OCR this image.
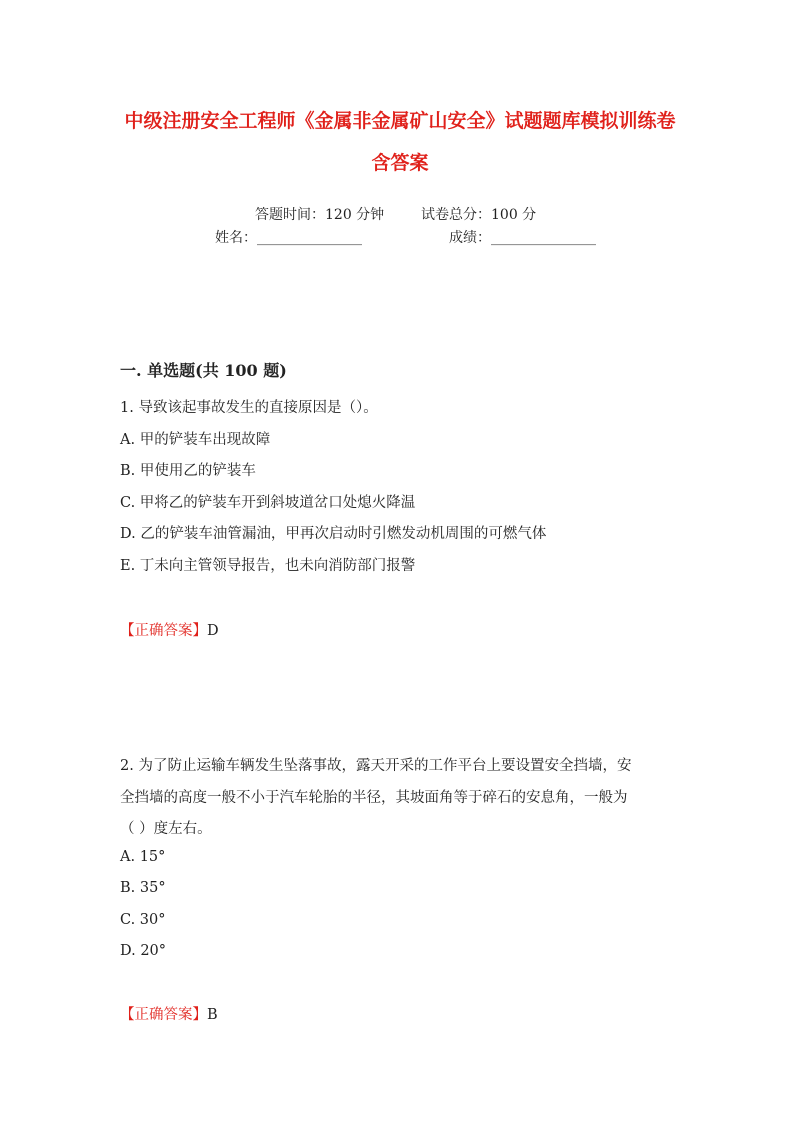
中级注册安全工程师《金属非金属矿山安全》试题题库模拟训练卷
含答案
答题时间：120 分钟	试卷总分：100 分
姓名：_______________	成绩：_______________
一. 单选题(共 100 题)
1. 导致该起事故发生的直接原因是（）。
A. 甲的铲装车出现故障
B. 甲使用乙的铲装车
C. 甲将乙的铲装车开到斜坡道岔口处熄火降温
D. 乙的铲装车油管漏油，甲再次启动时引燃发动机周围的可燃气体
E. 丁未向主管领导报告，也未向消防部门报警
【正确答案】D
2. 为了防止运输车辆发生坠落事故，露天开采的工作平台上要设置安全挡墙，安
全挡墙的高度一般不小于汽车轮胎的半径，其坡面角等于碎石的安息角，一般为
（ ）度左右。
A. 15°
B. 35°
C. 30°
D. 20°
【正确答案】B
